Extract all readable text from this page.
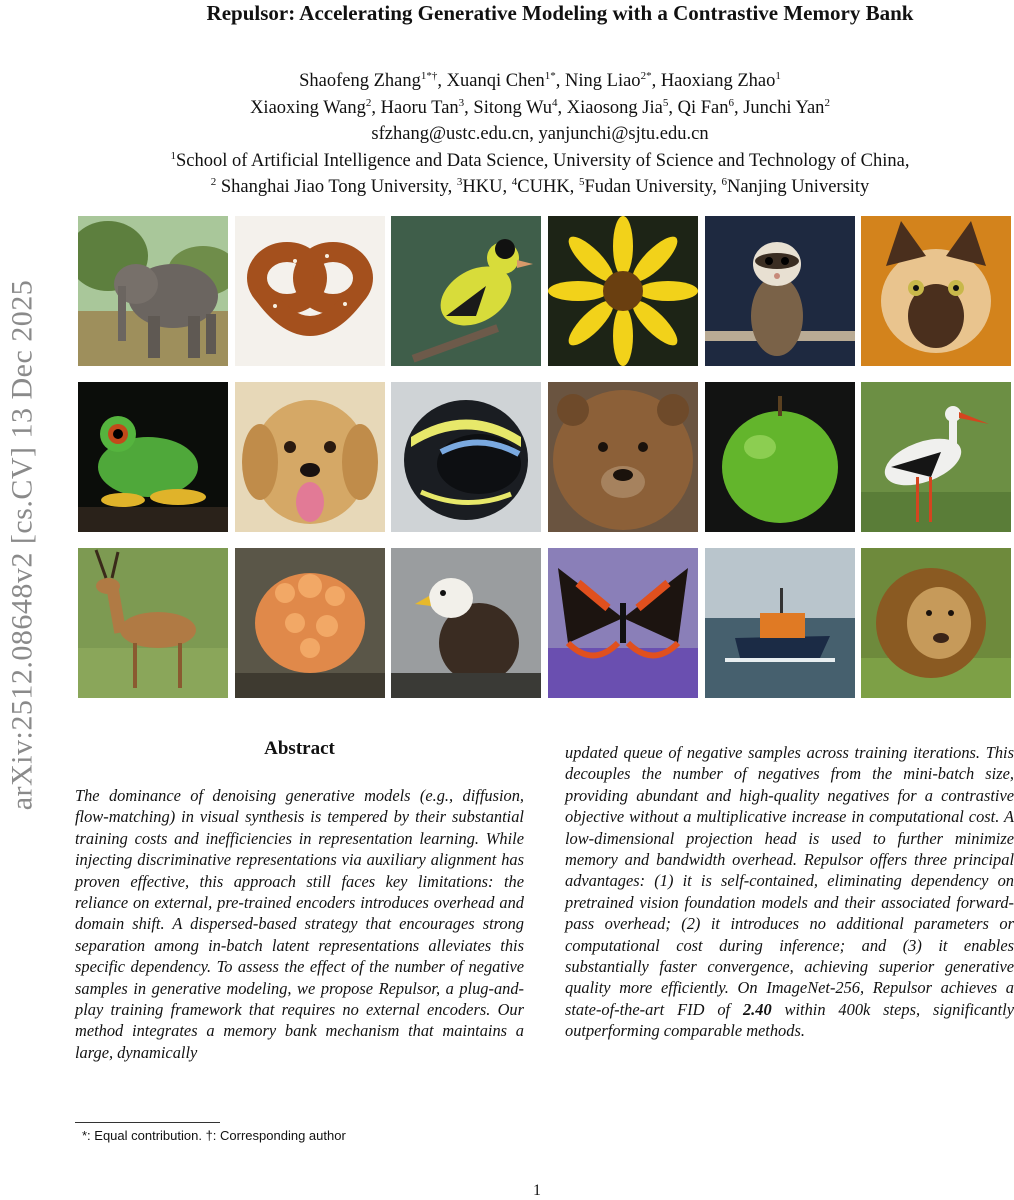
arXiv:2512.08648v2 [cs.CV] 13 Dec 2025
Repulsor: Accelerating Generative Modeling with a Contrastive Memory Bank
Shaofeng Zhang$^{1*\dagger}$, Xuanqi Chen$^{1*}$, Ning Liao$^{2*}$, Haoxiang Zhao$^1$
Xiaoxing Wang$^2$, Haoru Tan$^3$, Sitong Wu$^4$, Xiaosong Jia$^5$, Qi Fan$^6$, Junchi Yan$^2$
sfzhang@ustc.edu.cn, yanjunchi@sjtu.edu.cn
$^1$School of Artificial Intelligence and Data Science, University of Science and Technology of China,
$^2$ Shanghai Jiao Tong University, $^3$HKU, $^4$CUHK, $^5$Fudan University, $^6$Nanjing University
Abstract

The dominance of denoising generative models (e.g., diffusion, flow-matching) in visual synthesis is tempered by their substantial training costs and inefficiencies in representation learning. While injecting discriminative representations via auxiliary alignment has proven effective, this approach still faces key limitations: the reliance on external, pre-trained encoders introduces overhead and domain shift. A dispersed-based strategy that encourages strong separation among in-batch latent representations alleviates this specific dependency. To assess the effect of the number of negative samples in generative modeling, we propose Repulsor, a plug-and-play training framework that requires no external encoders. Our method integrates a memory bank mechanism that maintains a large, dynamically

updated queue of negative samples across training iterations. This decouples the number of negatives from the mini-batch size, providing abundant and high-quality negatives for a contrastive objective without a multiplicative increase in computational cost. A low-dimensional projection head is used to further minimize memory and bandwidth overhead. Repulsor offers three principal advantages: (1) it is self-contained, eliminating dependency on pretrained vision foundation models and their associated forward-pass overhead; (2) it introduces no additional parameters or computational cost during inference; and (3) it enables substantially faster convergence, achieving superior generative quality more efficiently. On ImageNet-256, Repulsor achieves a state-of-the-art FID of 2.40 within 400k steps, significantly outperforming comparable methods.

*: Equal contribution. †: Corresponding author
1
